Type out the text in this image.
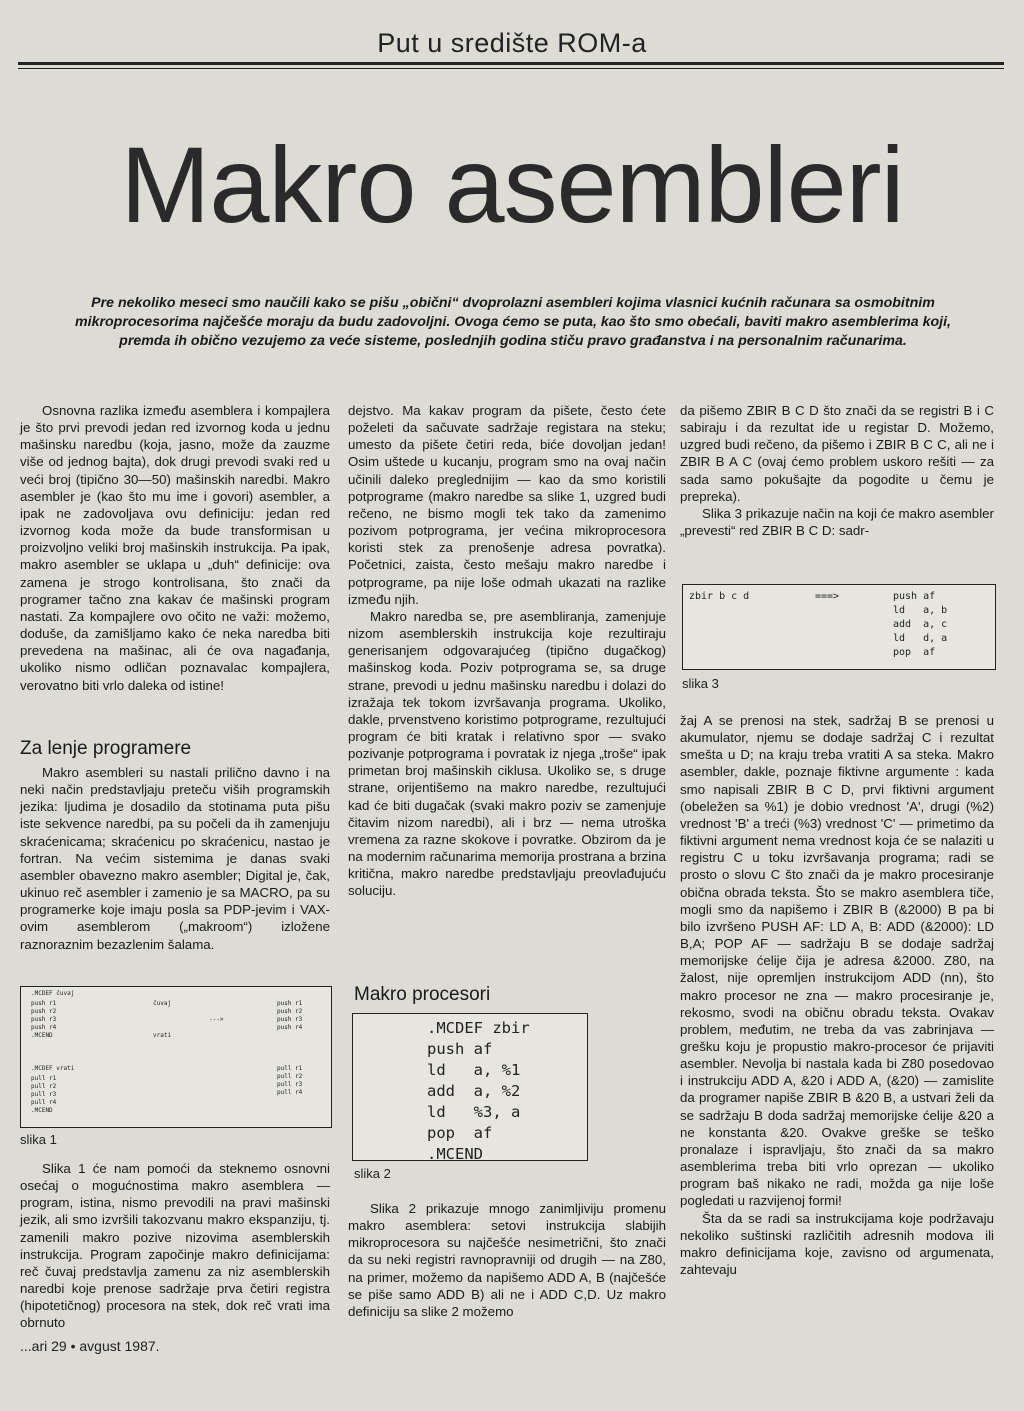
Put u središte ROM-a
Makro asembleri
Pre nekoliko meseci smo naučili kako se pišu „obični“ dvoprolazni asembleri kojima vlasnici kućnih računara sa osmobitnim mikroprocesorima najčešće moraju da budu zadovoljni. Ovoga ćemo se puta, kao što smo obećali, baviti makro asemblerima koji, premda ih obično vezujemo za veće sisteme, poslednjih godina stiču pravo građanstva i na personalnim računarima.

Osnovna razlika između asemblera i kompajlera je što prvi prevodi jedan red izvornog koda u jednu mašinsku naredbu (koja, jasno, može da zauzme više od jednog bajta), dok drugi prevodi svaki red u veći broj (tipično 30—50) mašinskih naredbi. Makro asembler je (kao što mu ime i govori) asembler, a ipak ne zadovoljava ovu definiciju: jedan red izvornog koda može da bude transformisan u proizvoljno veliki broj mašinskih instrukcija. Pa ipak, makro asembler se uklapa u „duh“ definicije: ova zamena je strogo kontrolisana, što znači da programer tačno zna kakav će mašinski program nastati. Za kompajlere ovo očito ne važi: možemo, doduše, da zamišljamo kako će neka naredba biti prevedena na mašinac, ali će ova nagađanja, ukoliko nismo odličan poznavalac kompajlera, verovatno biti vrlo daleka od istine!

Za lenje programere

Makro asembleri su nastali prilično davno i na neki način predstavljaju preteču viših programskih jezika: ljudima je dosadilo da stotinama puta pišu iste sekvence naredbi, pa su počeli da ih zamenjuju skraćenicama; skraćenicu po skraćenicu, nastao je fortran. Na većim sistemima je danas svaki asembler obavezno makro asembler; Digital je, čak, ukinuo reč asembler i zamenio je sa MACRO, pa su programerke koje imaju posla sa PDP-jevim i VAX-ovim asemblerom („makroom“) izložene raznoraznim bezazlenim šalama.

.MCDEF čuvaj
push r1
push r2
push r3
push r4
.MCEND
čuvaj
vrati
--->
push r1
push r2
push r3
push r4
.MCDEF vrati
pull r1
pull r2
pull r3
pull r4
.MCEND
pull r1
pull r2
pull r3
pull r4
slika 1

Slika 1 će nam pomoći da steknemo osnovni osećaj o mogućnostima makro asemblera — program, istina, nismo prevodili na pravi mašinski jezik, ali smo izvršili takozvanu makro ekspanziju, tj. zamenili makro pozive nizovima asemblerskih instrukcija. Program započinje makro definicijama: reč čuvaj predstavlja zamenu za niz asemblerskih naredbi koje prenose sadržaje prva četiri registra (hipotetičnog) procesora na stek, dok reč vrati ima obrnuto

...ari 29 • avgust 1987.

dejstvo. Ma kakav program da pišete, često ćete poželeti da sačuvate sadržaje registara na steku; umesto da pišete četiri reda, biće dovoljan jedan! Osim uštede u kucanju, program smo na ovaj način učinili daleko preglednijim — kao da smo koristili potprograme (makro naredbe sa slike 1, uzgred budi rečeno, ne bismo mogli tek tako da zamenimo pozivom potprograma, jer većina mikroprocesora koristi stek za prenošenje adresa povratka). Početnici, zaista, često mešaju makro naredbe i potprograme, pa nije loše odmah ukazati na razlike između njih.

Makro naredba se, pre asembliranja, zamenjuje nizom asemblerskih instrukcija koje rezultiraju generisanjem odgovarajućeg (tipično dugačkog) mašinskog koda. Poziv potprograma se, sa druge strane, prevodi u jednu mašinsku naredbu i dolazi do izražaja tek tokom izvršavanja programa. Ukoliko, dakle, prvenstveno koristimo potprograme, rezultujući program će biti kratak i relativno spor — svako pozivanje potprograma i povratak iz njega „troše“ ipak primetan broj mašinskih ciklusa. Ukoliko se, s druge strane, orijentišemo na makro naredbe, rezultujući kad će biti dugačak (svaki makro poziv se zamenjuje čitavim nizom naredbi), ali i brz — nema utroška vremena za razne skokove i povratke. Obzirom da je na modernim računarima memorija prostrana a brzina kritična, makro naredbe predstavljaju preovlađujuću soluciju.

Makro procesori
.MCDEF zbir
push af
ld   a, %1
add  a, %2
ld   %3, a
pop  af
.MCEND
slika 2

Slika 2 prikazuje mnogo zanimljiviju promenu makro asemblera: setovi instrukcija slabijih mikroprocesora su najčešće nesimetrični, što znači da su neki registri ravnopravniji od drugih — na Z80, na primer, možemo da napišemo ADD A, B (najčešće se piše samo ADD B) ali ne i ADD C,D. Uz makro definiciju sa slike 2 možemo

da pišemo ZBIR B C D što znači da se registri B i C sabiraju i da rezultat ide u registar D. Možemo, uzgred budi rečeno, da pišemo i ZBIR B C C, ali ne i ZBIR B A C (ovaj ćemo problem uskoro rešiti — za sada samo pokušajte da pogodite u čemu je prepreka).

Slika 3 prikazuje način na koji će makro asembler „prevesti“ red ZBIR B C D: sadr-

zbir b c d	===>	push af
ld   a, b
add  a, c
ld   d, a
pop  af
slika 3

žaj A se prenosi na stek, sadržaj B se prenosi u akumulator, njemu se dodaje sadržaj C i rezultat smešta u D; na kraju treba vratiti A sa steka. Makro asembler, dakle, poznaje fiktivne argumente : kada smo napisali ZBIR B C D, prvi fiktivni argument (obeležen sa %1) je dobio vrednost 'A', drugi (%2) vrednost 'B' a treći (%3) vrednost 'C' — primetimo da fiktivni argument nema vrednost koja će se nalaziti u registru C u toku izvršavanja programa; radi se prosto o slovu C što znači da je makro procesiranje obična obrada teksta. Što se makro asemblera tiče, mogli smo da napišemo i ZBIR B (&2000) B pa bi bilo izvršeno PUSH AF: LD A, B: ADD (&2000): LD B,A; POP AF — sadržaju B se dodaje sadržaj memorijske ćelije čija je adresa &2000. Z80, na žalost, nije opremljen instrukcijom ADD (nn), što makro procesor ne zna — makro procesiranje je, rekosmo, svodi na običnu obradu teksta. Ovakav problem, međutim, ne treba da vas zabrinjava — grešku koju je propustio makro-procesor će prijaviti asembler. Nevolja bi nastala kada bi Z80 posedovao i instrukciju ADD A, &20 i ADD A, (&20) — zamislite da programer napiše ZBIR B &20 B, a ustvari želi da se sadržaju B doda sadržaj memorijske ćelije &20 a ne konstanta &20. Ovakve greške se teško pronalaze i ispravljaju, što znači da sa makro asemblerima treba biti vrlo oprezan — ukoliko program baš nikako ne radi, možda ga nije loše pogledati u razvijenoj formi!

Šta da se radi sa instrukcijama koje podržavaju nekoliko suštinski različitih adresnih modova ili makro definicijama koje, zavisno od argumenata, zahtevaju
